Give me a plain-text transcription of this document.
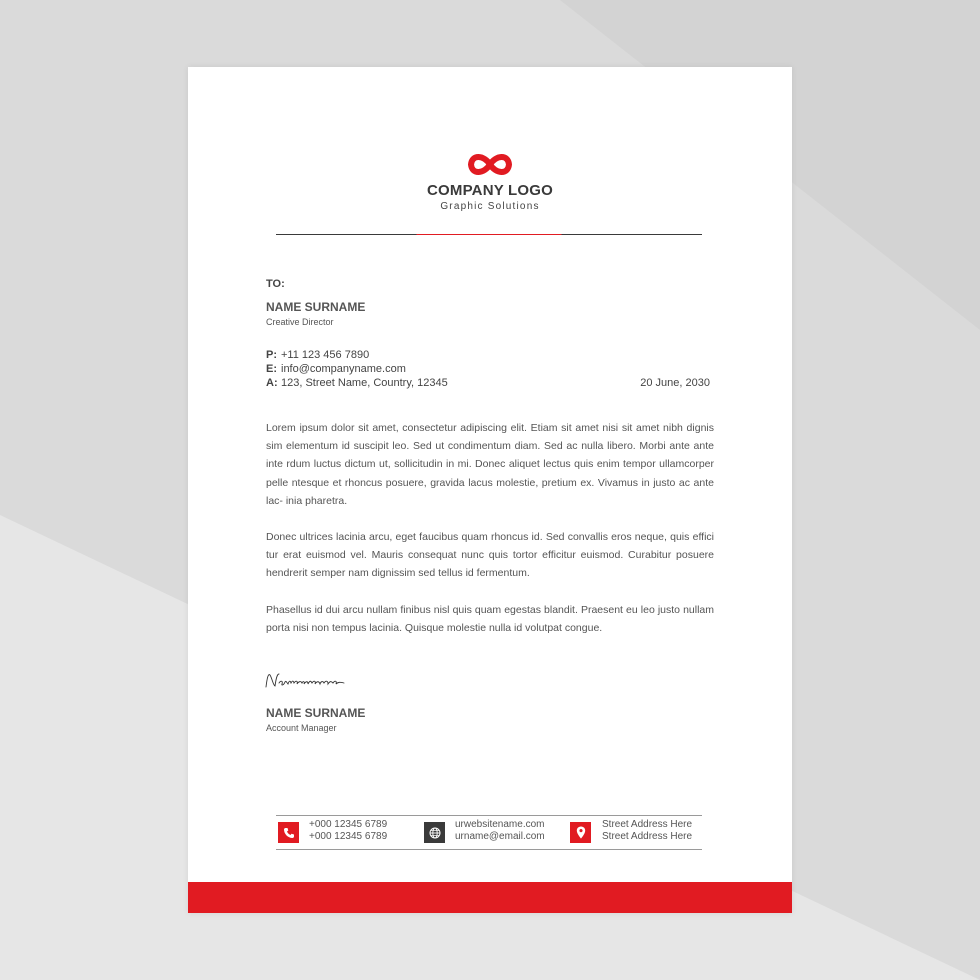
COMPANY LOGO
Graphic Solutions
TO:
NAME SURNAME
Creative Director
P: +11 123 456 7890
E: info@companyname.com
A: 123, Street Name, Country, 12345	20 June, 2030

Lorem ipsum dolor sit amet, consectetur adipiscing elit. Etiam sit amet nisi sit amet nibh dignis sim elementum id suscipit leo. Sed ut condimentum diam. Sed ac nulla libero. Morbi ante ante inte rdum luctus dictum ut, sollicitudin in mi. Donec aliquet lectus quis enim tempor ullamcorper pelle ntesque et rhoncus posuere, gravida lacus molestie, pretium ex. Vivamus in justo ac ante lac- inia pharetra.

Donec ultrices lacinia arcu, eget faucibus quam rhoncus id. Sed convallis eros neque, quis effici tur erat euismod vel. Mauris consequat nunc quis tortor efficitur euismod. Curabitur posuere hendrerit semper nam dignissim sed tellus id fermentum.

Phasellus id dui arcu nullam finibus nisl quis quam egestas blandit. Praesent eu leo justo nullam porta nisi non tempus lacinia. Quisque molestie nulla id volutpat congue.

NAME SURNAME
Account Manager
+000 12345 6789
+000 12345 6789
urwebsitename.com
urname@email.com
Street Address Here
Street Address Here
